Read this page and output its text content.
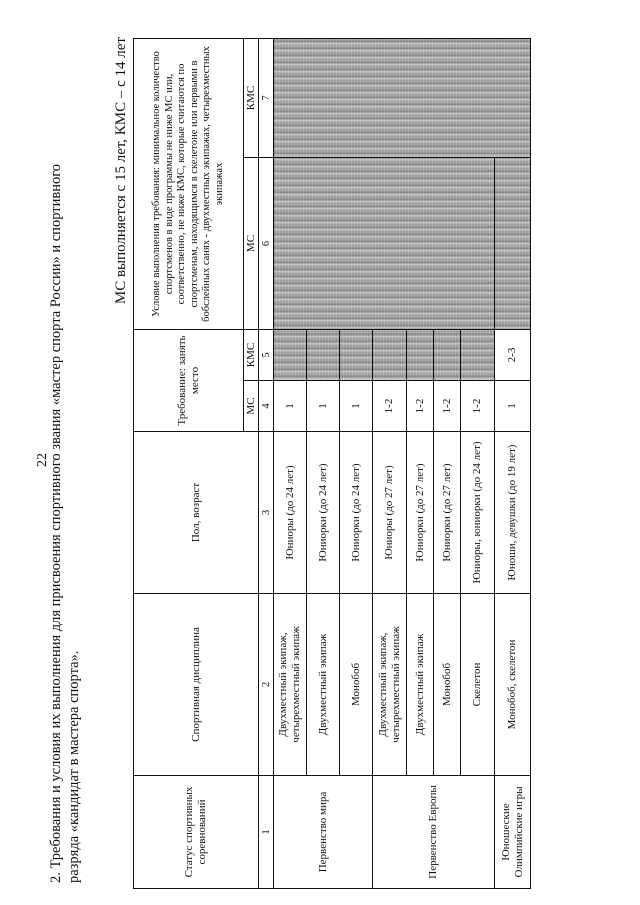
22
2. Требования и условия их выполнения для присвоения спортивного звания «мастер спорта России» и спортивного разряда «кандидат в мастера спорта».
МС выполняется с 15 лет, КМС – с 14 лет
Статус спортивных соревнований	Спортивная дисциплина	Пол, возраст	Требование: занять место		Условие выполнения требования: минимальное количество спортсменов в виде программы не ниже МС или, соответственно, не ниже КМС, которые считаются по спортсменам, находящимся в скелетоне или первыми в бобслейных санях - двухместных экипажах, четырехместных экипажах	
			МС	КМС	МС	КМС
1	2	3	4	5	6	7
Первенство мира	Двухместный экипаж, четырехместный экипаж	Юниоры (до 24 лет)	1			
	Двухместный экипаж	Юниорки (до 24 лет)	1			
	Монобоб	Юниорки (до 24 лет)	1			
Первенство Европы	Двухместный экипаж, четырехместный экипаж	Юниоры (до 27 лет)	1-2			
	Двухместный экипаж	Юниорки (до 27 лет)	1-2			
	Монобоб	Юниорки (до 27 лет)	1-2			
	Скелетон	Юниоры, юниорки (до 24 лет)	1-2			
Юношеские Олимпийские игры	Монобоб, скелетон	Юноши, девушки (до 19 лет)	1	2-3		
